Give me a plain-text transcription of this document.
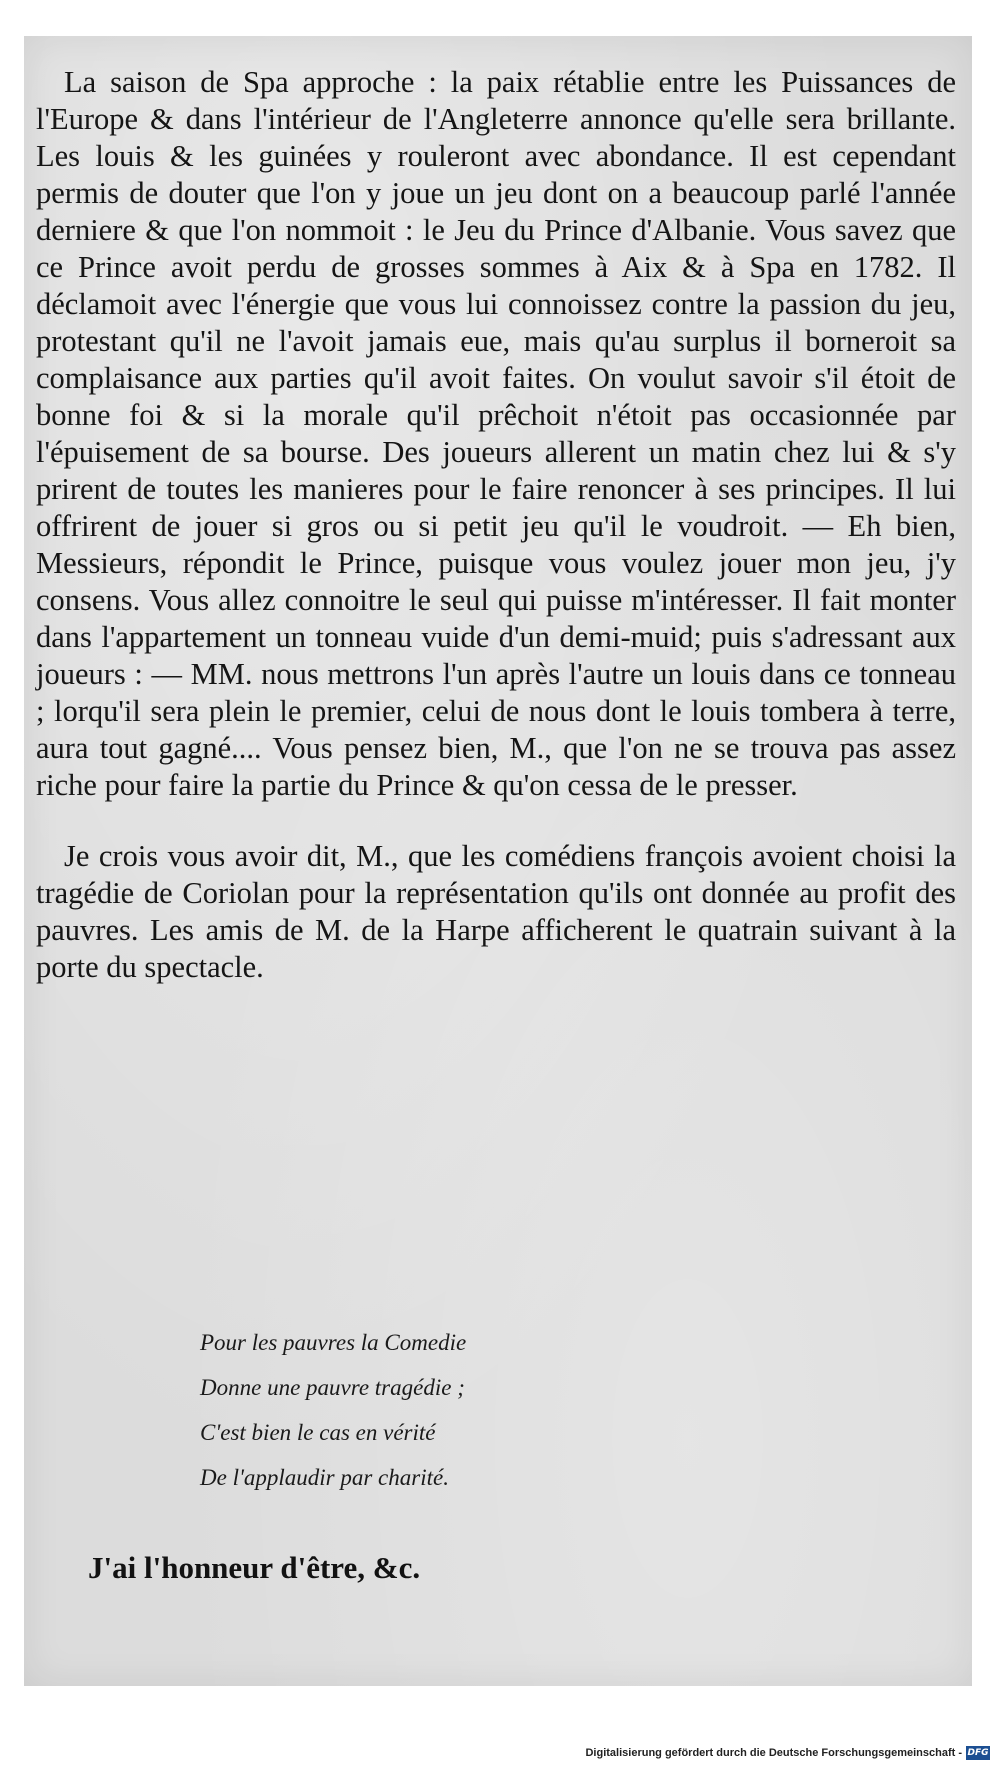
La saison de Spa approche : la paix rétablie entre les Puissances de l'Europe & dans l'intérieur de l'Angleterre annonce qu'elle sera brillante. Les louis & les guinées y rouleront avec abondance. Il est cependant permis de douter que l'on y joue un jeu dont on a beaucoup parlé l'année derniere & que l'on nommoit : le Jeu du Prince d'Albanie. Vous savez que ce Prince avoit perdu de grosses sommes à Aix & à Spa en 1782. Il déclamoit avec l'énergie que vous lui connoissez contre la passion du jeu, protestant qu'il ne l'avoit jamais eue, mais qu'au surplus il borneroit sa complaisance aux parties qu'il avoit faites. On voulut savoir s'il étoit de bonne foi & si la morale qu'il prêchoit n'étoit pas occasionnée par l'épuisement de sa bourse. Des joueurs allerent un matin chez lui & s'y prirent de toutes les manieres pour le faire renoncer à ses principes. Il lui offrirent de jouer si gros ou si petit jeu qu'il le voudroit. — Eh bien, Messieurs, répondit le Prince, puisque vous voulez jouer mon jeu, j'y consens. Vous allez connoitre le seul qui puisse m'intéresser. Il fait monter dans l'appartement un tonneau vuide d'un demi-muid; puis s'adressant aux joueurs : — MM. nous mettrons l'un après l'autre un louis dans ce tonneau ; lorqu'il sera plein le premier, celui de nous dont le louis tombera à terre, aura tout gagné.... Vous pensez bien, M., que l'on ne se trouva pas assez riche pour faire la partie du Prince & qu'on cessa de le presser.

Je crois vous avoir dit, M., que les comédiens françois avoient choisi la tragédie de Coriolan pour la représentation qu'ils ont donnée au profit des pauvres. Les amis de M. de la Harpe afficherent le quatrain suivant à la porte du spectacle.

Pour les pauvres la Comedie
Donne une pauvre tragédie ;
C'est bien le cas en vérité
De l'applaudir par charité.
J'ai l'honneur d'être, &c.
Digitalisierung gefördert durch die Deutsche Forschungsgemeinschaft - DFG
